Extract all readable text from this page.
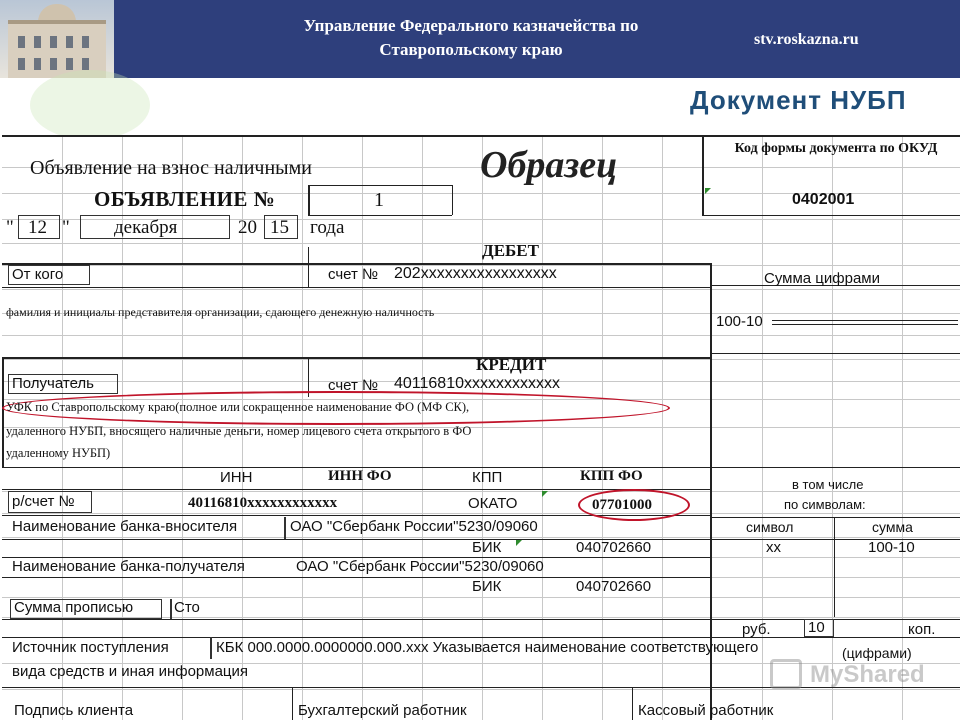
Управление Федерального казначейства по Ставропольскому краю
stv.roskazna.ru
Документ НУБП
Объявление на взнос наличными	Образец	Код формы документа по ОКУД
0402001
ОБЪЯВЛЕНИЕ №	1
" 12 " декабря	20 15 года
ДЕБЕТ
От кого	счет № 202xxxxxxxxxxxxxxxxx	Сумма цифрами
фамилия и инициалы представителя организации, сдающего денежную наличность
100-10
КРЕДИТ
Получатель	счет № 40116810xxxxxxxxxxxx
УФК по Ставропольскому краю(полное или сокращенное наименование ФО (МФ СК),
удаленного НУБП, вносящего наличные деньги, номер лицевого счета открытого в ФО
удаленному НУБП)
ИНН	ИНН ФО	КПП	КПП ФО
в том числе
по символам:
р/счет №	40116810xxxxxxxxxxxx	ОКАТО	07701000
символ	сумма
Наименование банка-вносителя	ОАО "Сбербанк России"5230/09060
БИК	040702660	хх	100-10
Наименование банка-получателя	ОАО "Сбербанк России"5230/09060
БИК	040702660
Сумма прописью	Сто
руб. 10	коп.
Источник поступления	КБК 000.0000.0000000.000.xxx Указывается наименование соответствующего	(цифрами)
вида средств и иная информация
Подпись клиента	Бухгалтерский работник	Кассовый работник
MyShared
